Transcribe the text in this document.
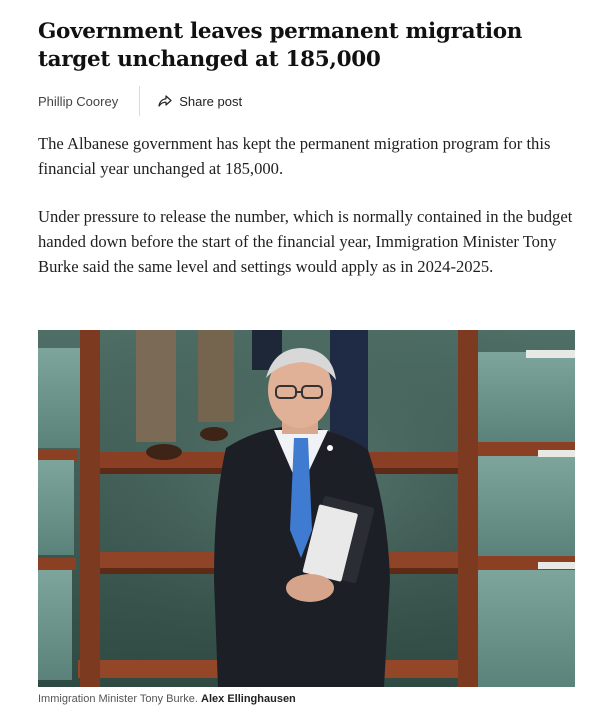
Government leaves permanent migration target unchanged at 185,000
Phillip Coorey	Share post

The Albanese government has kept the permanent migration program for this financial year unchanged at 185,000.

Under pressure to release the number, which is normally contained in the budget handed down before the start of the financial year, Immigration Minister Tony Burke said the same level and settings would apply as in 2024-2025.

Immigration Minister Tony Burke. Alex Ellinghausen
